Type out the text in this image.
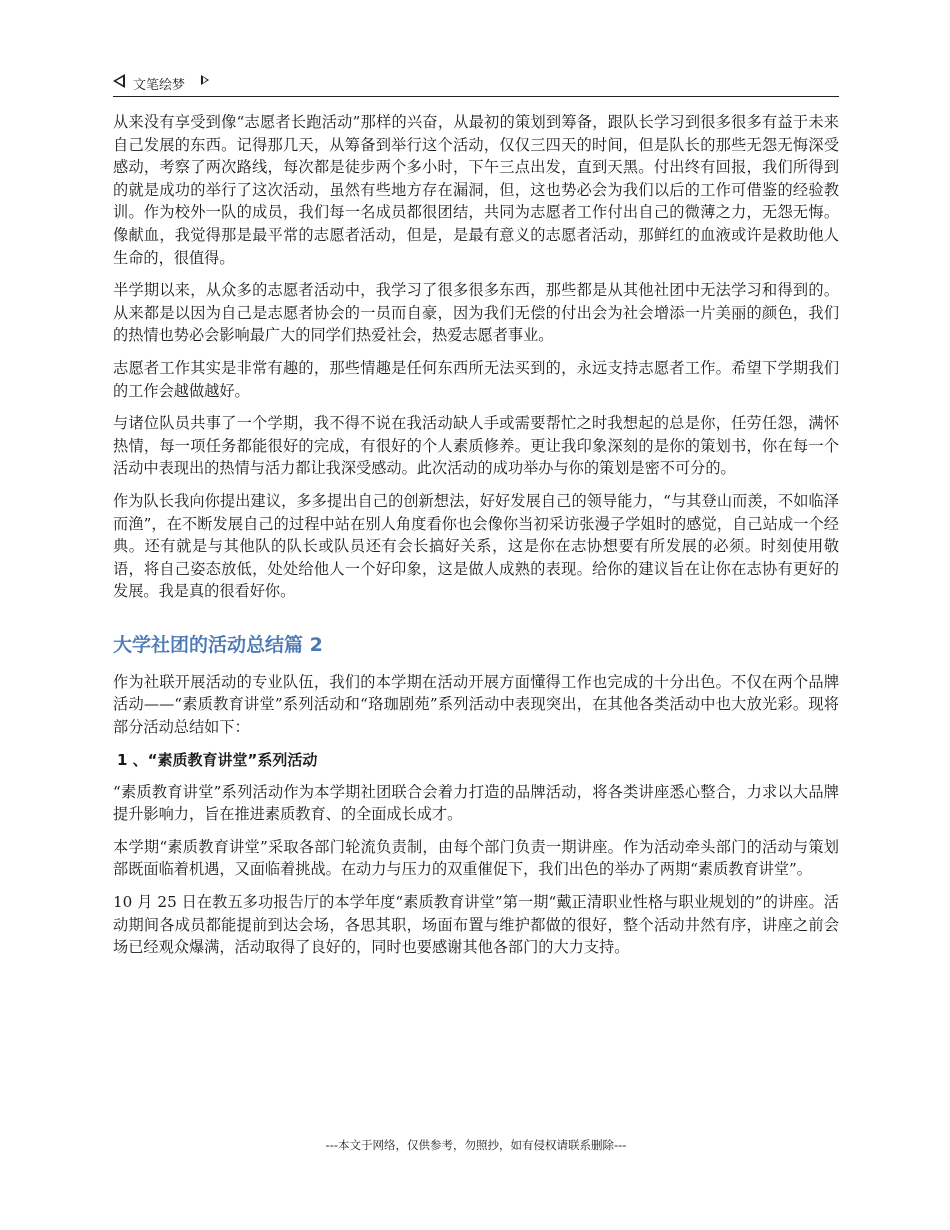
文笔绘梦

从来没有享受到像“志愿者长跑活动”那样的兴奋，从最初的策划到筹备，跟队长学习到很多很多有益于未来自己发展的东西。记得那几天，从筹备到举行这个活动，仅仅三四天的时间，但是队长的那些无怨无悔深受感动，考察了两次路线，每次都是徒步两个多小时，下午三点出发，直到天黑。付出终有回报，我们所得到的就是成功的举行了这次活动，虽然有些地方存在漏洞，但，这也势必会为我们以后的工作可借鉴的经验教训。作为校外一队的成员，我们每一名成员都很团结，共同为志愿者工作付出自己的微薄之力，无怨无悔。像献血，我觉得那是最平常的志愿者活动，但是，是最有意义的志愿者活动，那鲜红的血液或许是救助他人生命的，很值得。

半学期以来，从众多的志愿者活动中，我学习了很多很多东西，那些都是从其他社团中无法学习和得到的。从来都是以因为自己是志愿者协会的一员而自豪，因为我们无偿的付出会为社会增添一片美丽的颜色，我们的热情也势必会影响最广大的同学们热爱社会，热爱志愿者事业。

志愿者工作其实是非常有趣的，那些情趣是任何东西所无法买到的，永远支持志愿者工作。希望下学期我们的工作会越做越好。

与诸位队员共事了一个学期，我不得不说在我活动缺人手或需要帮忙之时我想起的总是你，任劳任怨，满怀热情，每一项任务都能很好的完成，有很好的个人素质修养。更让我印象深刻的是你的策划书，你在每一个活动中表现出的热情与活力都让我深受感动。此次活动的成功举办与你的策划是密不可分的。

作为队长我向你提出建议，多多提出自己的创新想法，好好发展自己的领导能力，“与其登山而羡，不如临泽而渔”，在不断发展自己的过程中站在别人角度看你也会像你当初采访张漫子学姐时的感觉，自己站成一个经典。还有就是与其他队的队长或队员还有会长搞好关系，这是你在志协想要有所发展的必须。时刻使用敬语，将自己姿态放低，处处给他人一个好印象，这是做人成熟的表现。给你的建议旨在让你在志协有更好的发展。我是真的很看好你。

大学社团的活动总结篇 2

作为社联开展活动的专业队伍，我们的本学期在活动开展方面懂得工作也完成的十分出色。不仅在两个品牌活动——“素质教育讲堂”系列活动和“珞珈剧苑”系列活动中表现突出，在其他各类活动中也大放光彩。现将部分活动总结如下：

1 、“素质教育讲堂”系列活动

“素质教育讲堂”系列活动作为本学期社团联合会着力打造的品牌活动，将各类讲座悉心整合，力求以大品牌提升影响力，旨在推进素质教育、的全面成长成才。

本学期“素质教育讲堂”采取各部门轮流负责制，由每个部门负责一期讲座。作为活动牵头部门的活动与策划部既面临着机遇，又面临着挑战。在动力与压力的双重催促下，我们出色的举办了两期“素质教育讲堂”。

10 月 25 日在教五多功报告厅的本学年度“素质教育讲堂”第一期“戴正清职业性格与职业规划的”的讲座。活动期间各成员都能提前到达会场，各思其职，场面布置与维护都做的很好，整个活动井然有序，讲座之前会场已经观众爆满，活动取得了良好的，同时也要感谢其他各部门的大力支持。

---本文于网络，仅供参考，勿照抄，如有侵权请联系删除---
